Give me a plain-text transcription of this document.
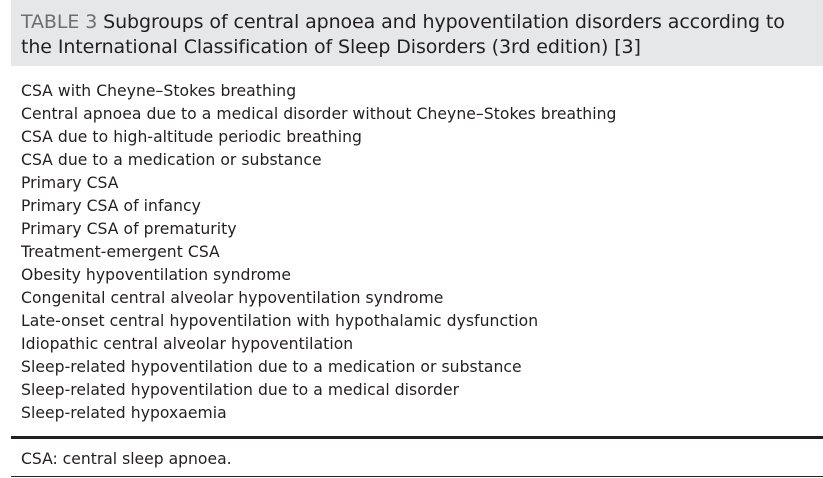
TABLE 3 Subgroups of central apnoea and hypoventilation disorders according to the International Classification of Sleep Disorders (3rd edition) [3]
CSA with Cheyne–Stokes breathing
Central apnoea due to a medical disorder without Cheyne–Stokes breathing
CSA due to high-altitude periodic breathing
CSA due to a medication or substance
Primary CSA
Primary CSA of infancy
Primary CSA of prematurity
Treatment-emergent CSA
Obesity hypoventilation syndrome
Congenital central alveolar hypoventilation syndrome
Late-onset central hypoventilation with hypothalamic dysfunction
Idiopathic central alveolar hypoventilation
Sleep-related hypoventilation due to a medication or substance
Sleep-related hypoventilation due to a medical disorder
Sleep-related hypoxaemia
CSA: central sleep apnoea.
